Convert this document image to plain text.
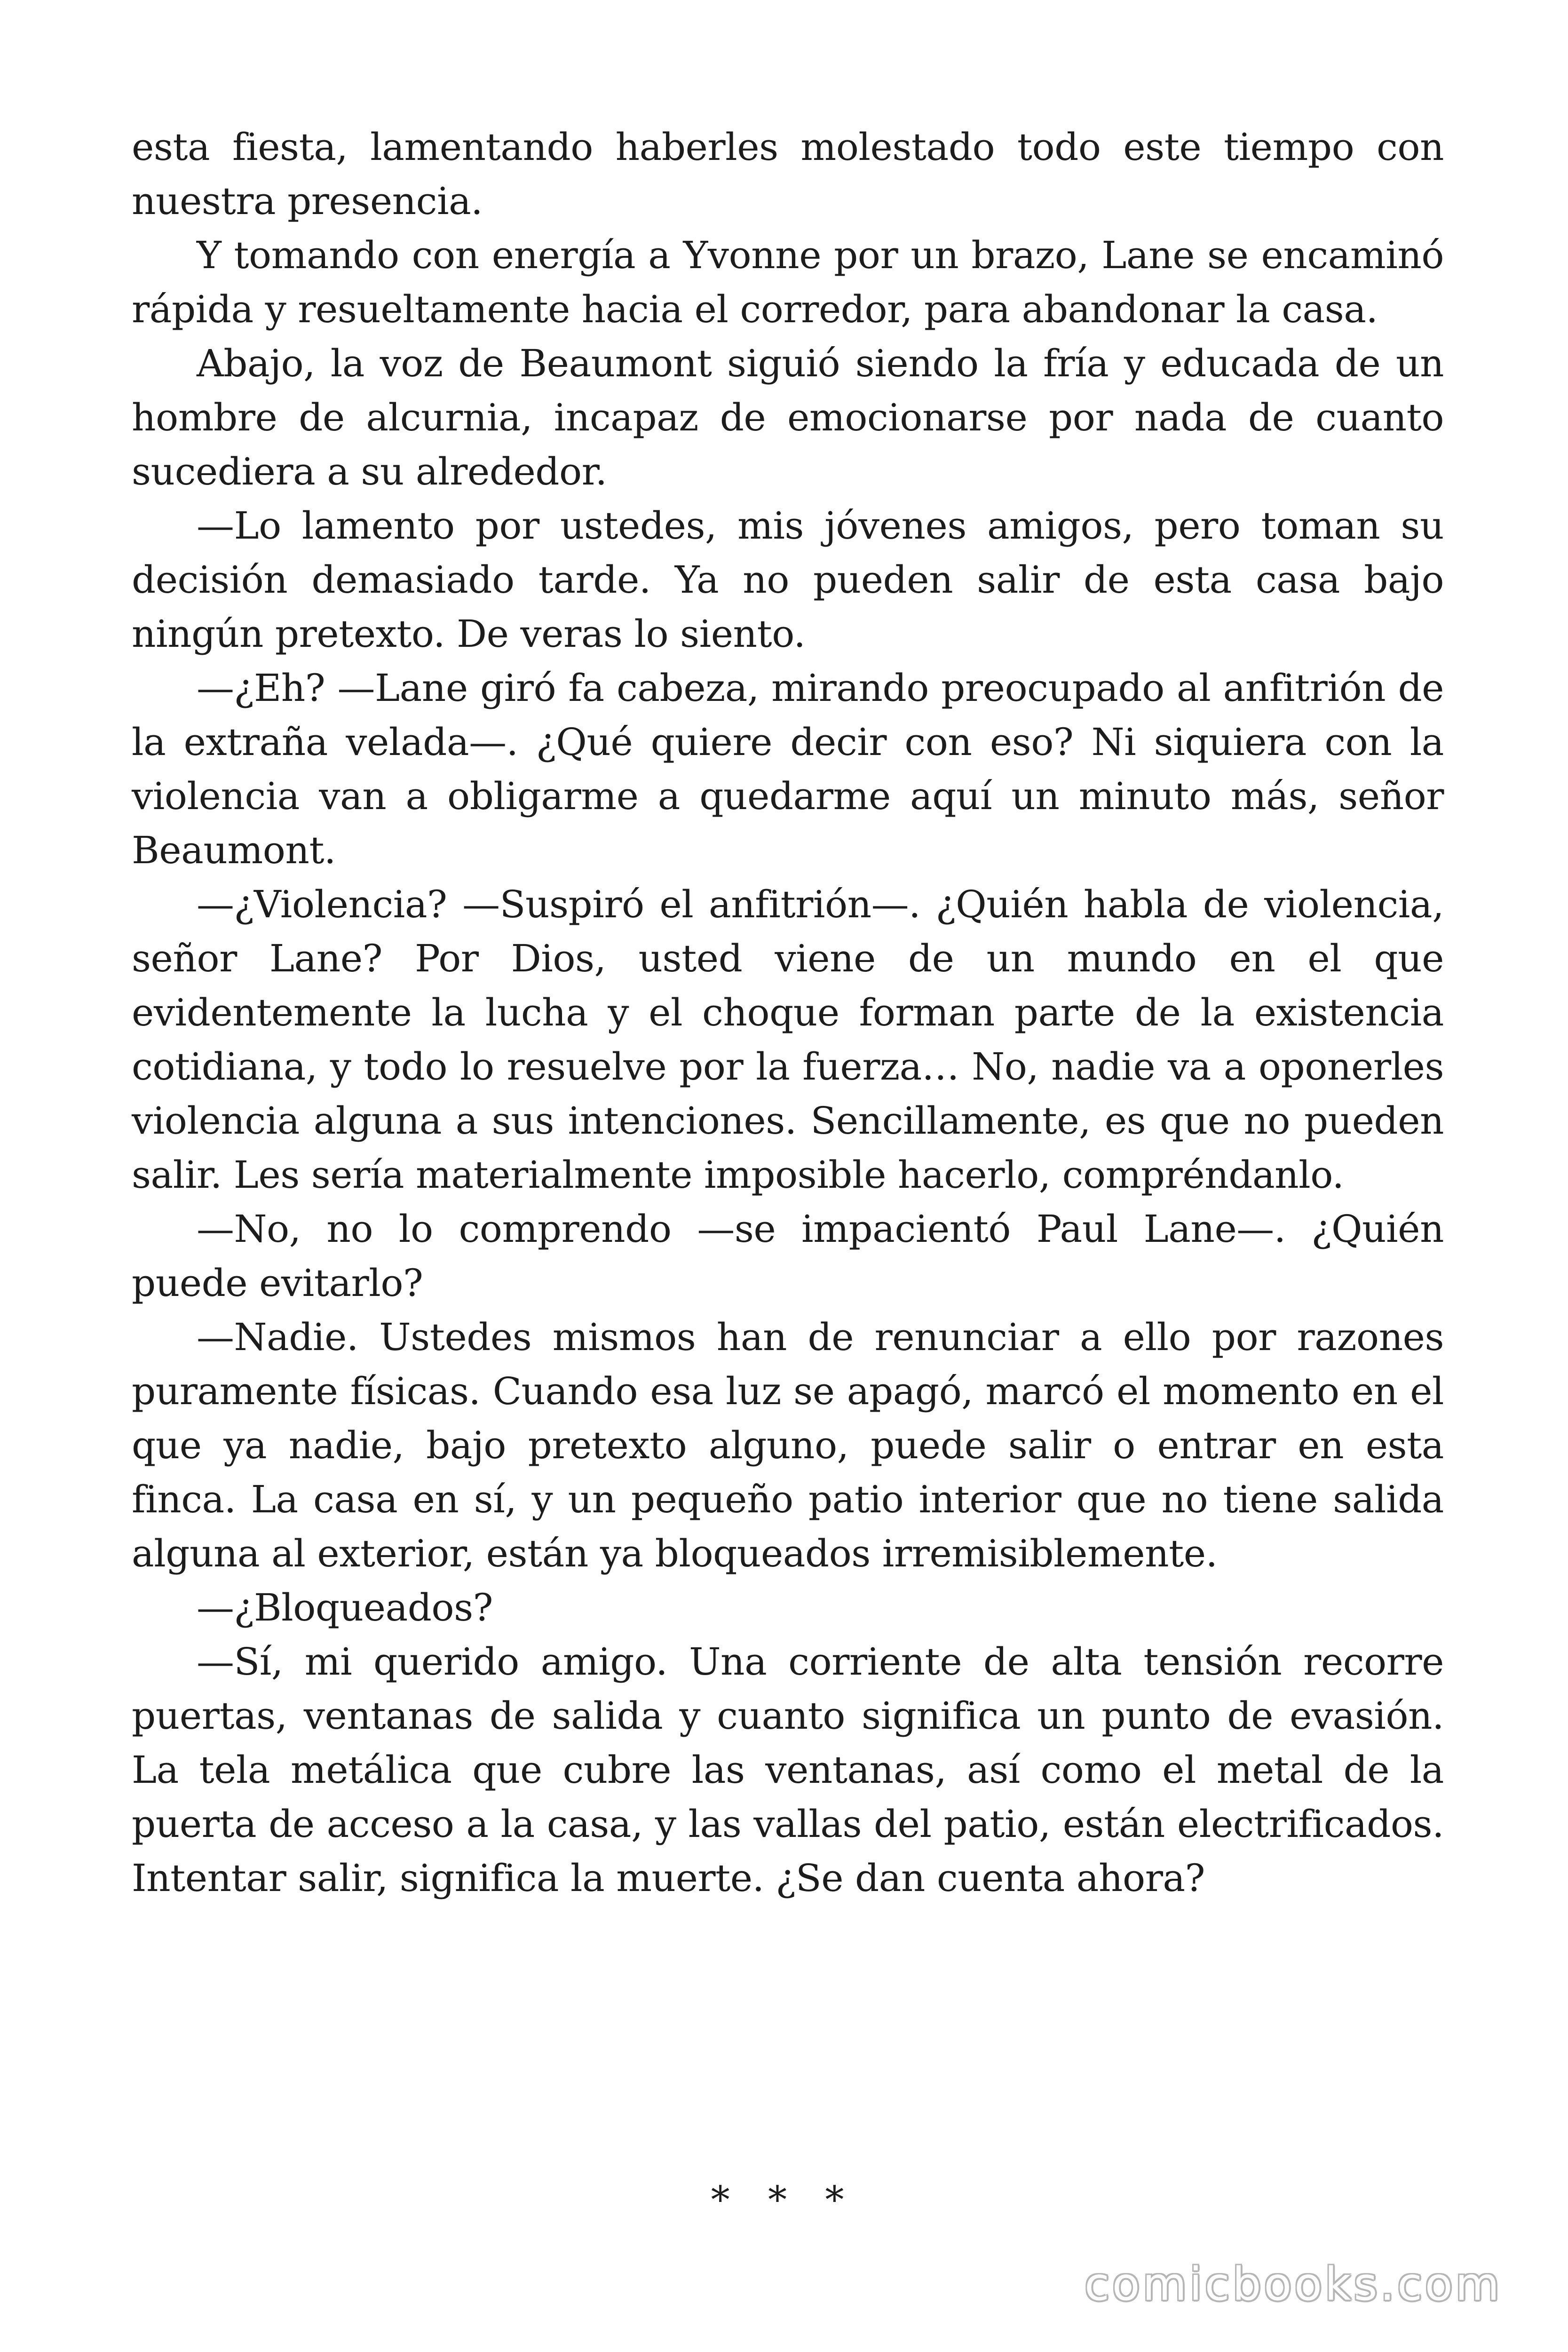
esta fiesta, lamentando haberles molestado todo este tiempo con nuestra presencia.

Y tomando con energía a Yvonne por un brazo, Lane se encaminó rápida y resueltamente hacia el corredor, para abandonar la casa.

Abajo, la voz de Beaumont siguió siendo la fría y educada de un hombre de alcurnia, incapaz de emocionarse por nada de cuanto sucediera a su alrededor.

—Lo lamento por ustedes, mis jóvenes amigos, pero toman su decisión demasiado tarde. Ya no pueden salir de esta casa bajo ningún pretexto. De veras lo siento.

—¿Eh? —Lane giró fa cabeza, mirando preocupado al anfitrión de la extraña velada—. ¿Qué quiere decir con eso? Ni siquiera con la violencia van a obligarme a quedarme aquí un minuto más, señor Beaumont.

—¿Violencia? —Suspiró el anfitrión—. ¿Quién habla de violencia, señor Lane? Por Dios, usted viene de un mundo en el que evidentemente la lucha y el choque forman parte de la existencia cotidiana, y todo lo resuelve por la fuerza… No, nadie va a oponerles violencia alguna a sus intenciones. Sencillamente, es que no pueden salir. Les sería materialmente imposible hacerlo, compréndanlo.

—No, no lo comprendo —se impacientó Paul Lane—. ¿Quién puede evitarlo?

—Nadie. Ustedes mismos han de renunciar a ello por razones puramente físicas. Cuando esa luz se apagó, marcó el momento en el que ya nadie, bajo pretexto alguno, puede salir o entrar en esta finca. La casa en sí, y un pequeño patio interior que no tiene salida alguna al exterior, están ya bloqueados irremisiblemente.

—¿Bloqueados?

—Sí, mi querido amigo. Una corriente de alta tensión recorre puertas, ventanas de salida y cuanto significa un punto de evasión. La tela metálica que cubre las ventanas, así como el metal de la puerta de acceso a la casa, y las vallas del patio, están electrificados. Intentar salir, significa la muerte. ¿Se dan cuenta ahora?

* * *
comicbooks.com
